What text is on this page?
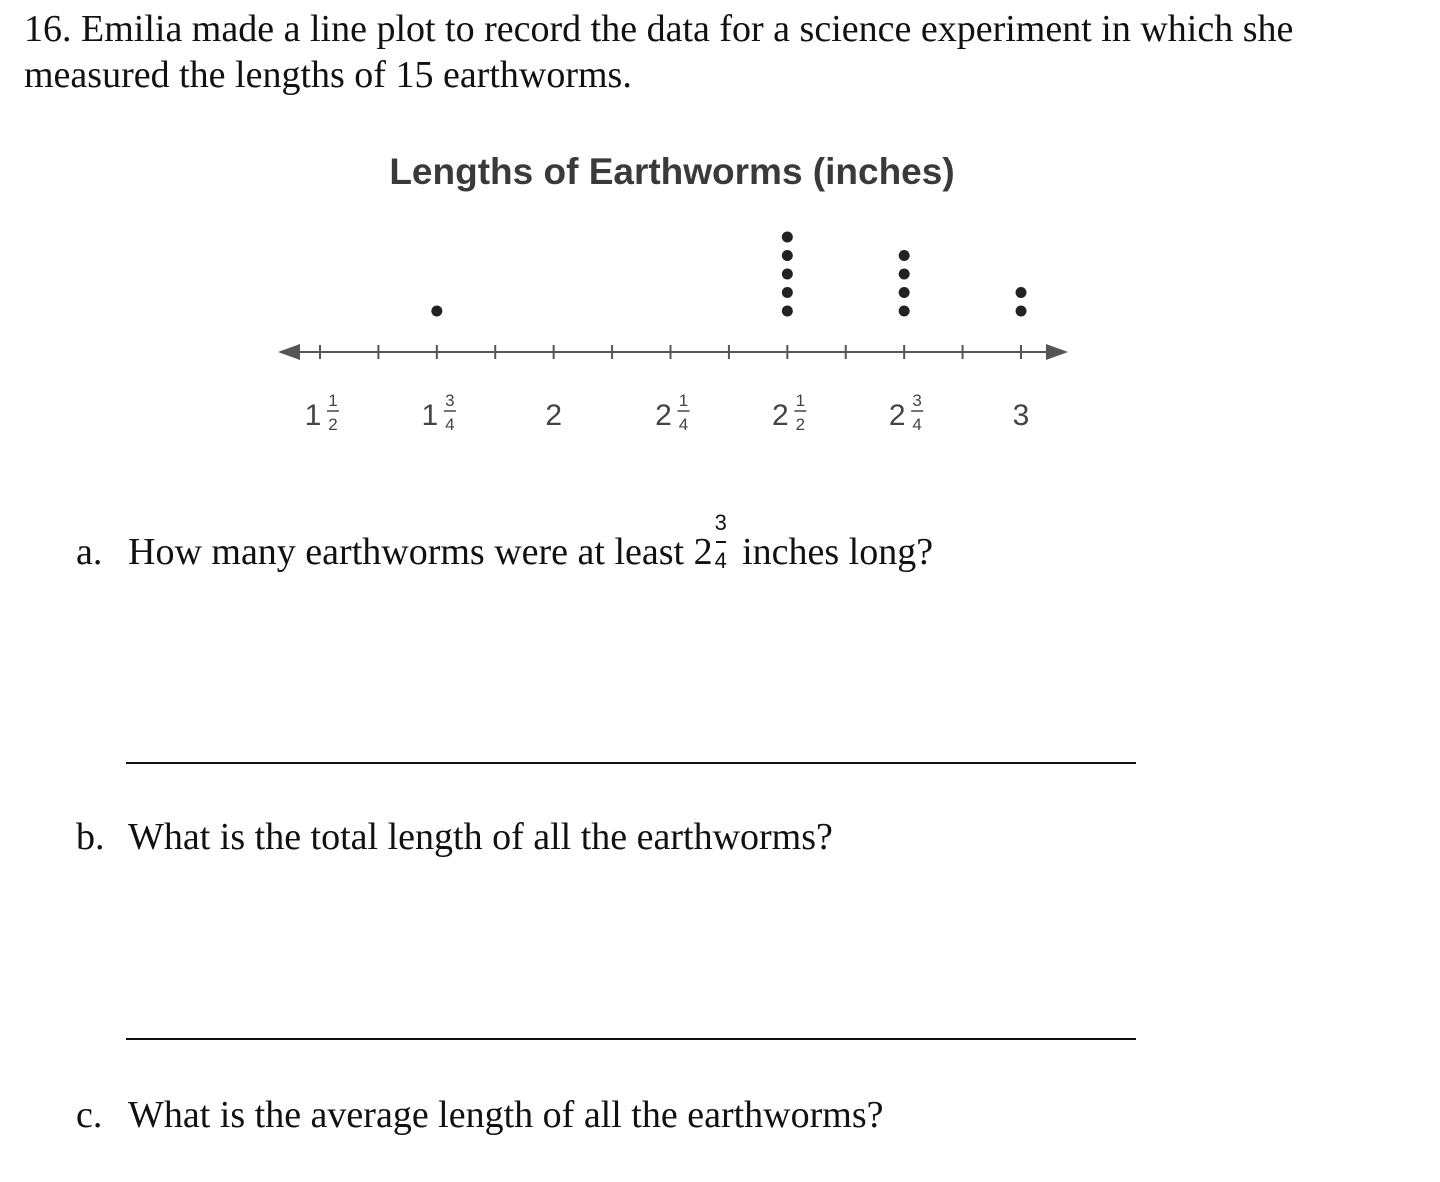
16. Emilia made a line plot to record the data for a science experiment in which she measured the lengths of 15 earthworms.
Lengths of Earthworms (inches)
1 1
2	1 3
4	2	2 1
4	2 1
2	2 3
4	3
a. How many earthworms were at least $2 \frac{3}{4}$ inches long?
b. What is the total length of all the earthworms?
c. What is the average length of all the earthworms?
